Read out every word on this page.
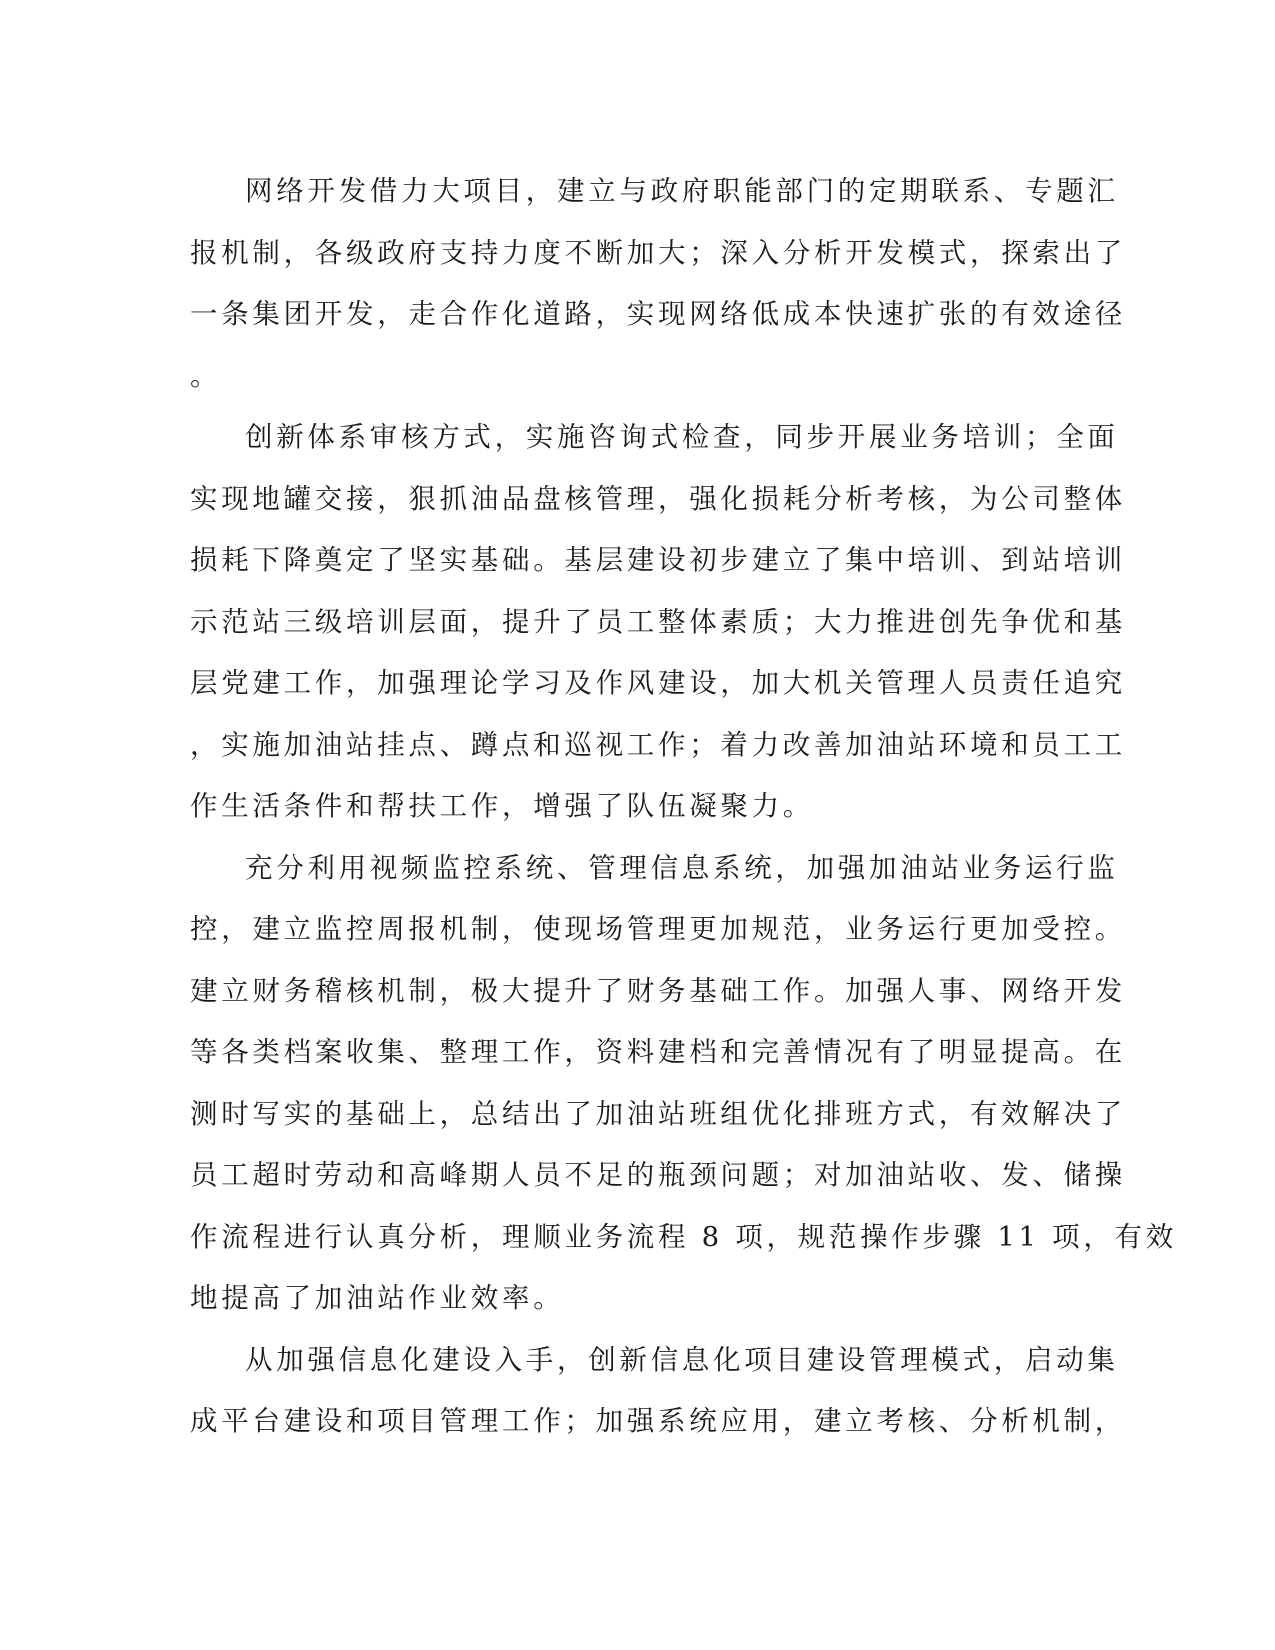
网络开发借力大项目，建立与政府职能部门的定期联系、专题汇
报机制，各级政府支持力度不断加大；深入分析开发模式，探索出了
一条集团开发，走合作化道路，实现网络低成本快速扩张的有效途径
。
创新体系审核方式，实施咨询式检查，同步开展业务培训；全面
实现地罐交接，狠抓油品盘核管理，强化损耗分析考核，为公司整体
损耗下降奠定了坚实基础。基层建设初步建立了集中培训、到站培训
示范站三级培训层面，提升了员工整体素质；大力推进创先争优和基
层党建工作，加强理论学习及作风建设，加大机关管理人员责任追究
，实施加油站挂点、蹲点和巡视工作；着力改善加油站环境和员工工
作生活条件和帮扶工作，增强了队伍凝聚力。
充分利用视频监控系统、管理信息系统，加强加油站业务运行监
控，建立监控周报机制，使现场管理更加规范，业务运行更加受控。
建立财务稽核机制，极大提升了财务基础工作。加强人事、网络开发
等各类档案收集、整理工作，资料建档和完善情况有了明显提高。在
测时写实的基础上，总结出了加油站班组优化排班方式，有效解决了
员工超时劳动和高峰期人员不足的瓶颈问题；对加油站收、发、储操
作流程进行认真分析，理顺业务流程 8 项，规范操作步骤 11 项，有效
地提高了加油站作业效率。
从加强信息化建设入手，创新信息化项目建设管理模式，启动集
成平台建设和项目管理工作；加强系统应用，建立考核、分析机制，
